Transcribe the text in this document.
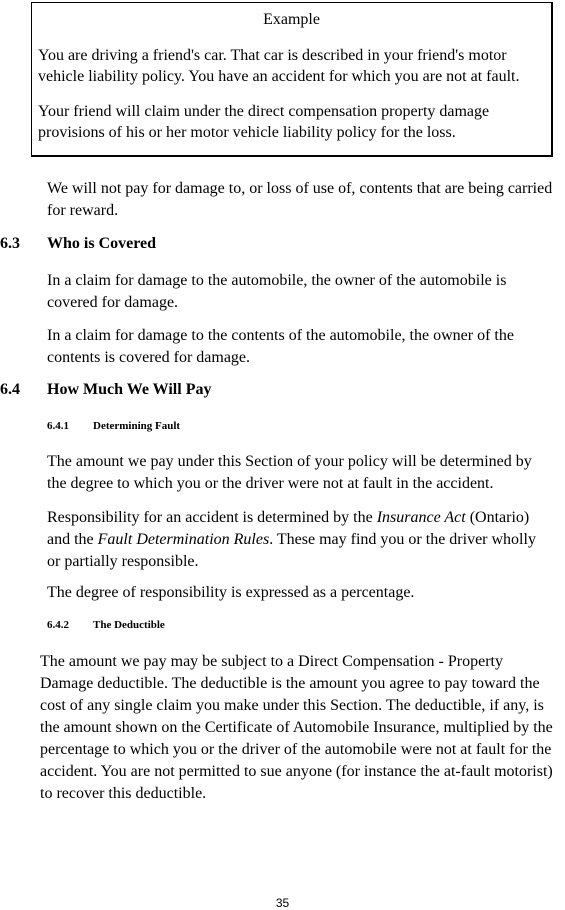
Example
You are driving a friend's car. That car is described in your friend's motor vehicle liability policy. You have an accident for which you are not at fault.
Your friend will claim under the direct compensation property damage provisions of his or her motor vehicle liability policy for the loss.
We will not pay for damage to, or loss of use of, contents that are being carried for reward.
6.3 Who is Covered
In a claim for damage to the automobile, the owner of the automobile is covered for damage.
In a claim for damage to the contents of the automobile, the owner of the contents is covered for damage.
6.4 How Much We Will Pay
6.4.1 Determining Fault
The amount we pay under this Section of your policy will be determined by the degree to which you or the driver were not at fault in the accident.
Responsibility for an accident is determined by the Insurance Act (Ontario) and the Fault Determination Rules. These may find you or the driver wholly or partially responsible.
The degree of responsibility is expressed as a percentage.
6.4.2 The Deductible
The amount we pay may be subject to a Direct Compensation - Property Damage deductible. The deductible is the amount you agree to pay toward the cost of any single claim you make under this Section. The deductible, if any, is the amount shown on the Certificate of Automobile Insurance, multiplied by the percentage to which you or the driver of the automobile were not at fault for the accident. You are not permitted to sue anyone (for instance the at-fault motorist) to recover this deductible.
35
